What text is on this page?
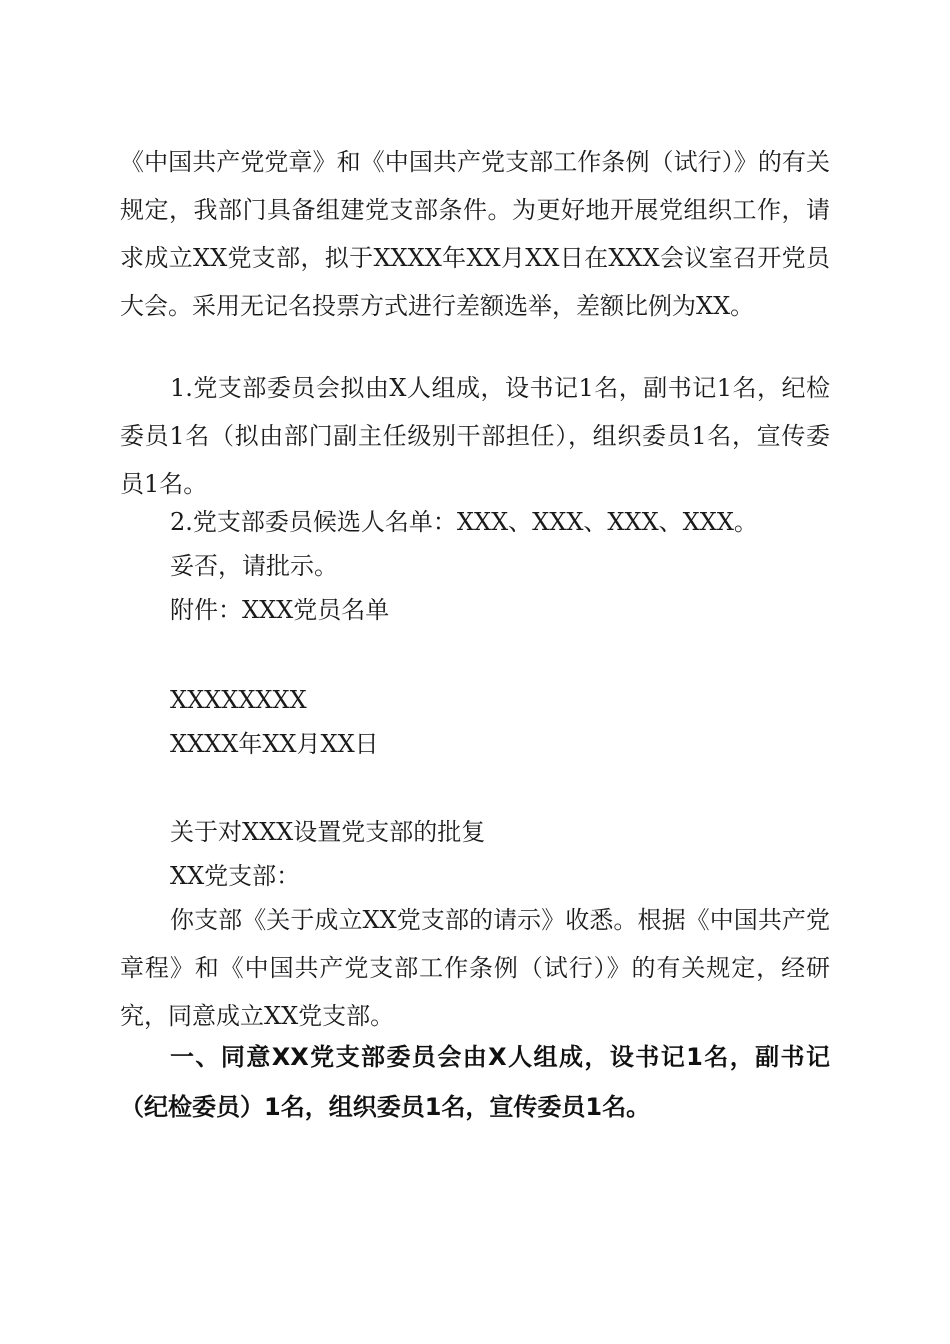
《中国共产党党章》和《中国共产党支部工作条例（试行）》的有关规定，我部门具备组建党支部条件。为更好地开展党组织工作，请求成立XX党支部，拟于XXXX年XX月XX日在XXX会议室召开党员大会。采用无记名投票方式进行差额选举，差额比例为XX。

1.党支部委员会拟由X人组成，设书记1名，副书记1名，纪检委员1名（拟由部门副主任级别干部担任），组织委员1名，宣传委员1名。

2.党支部委员候选人名单：XXX、XXX、XXX、XXX。

妥否，请批示。

附件：XXX党员名单

XXXXXXXX

XXXX年XX月XX日

关于对XXX设置党支部的批复

XX党支部：

你支部《关于成立XX党支部的请示》收悉。根据《中国共产党章程》和《中国共产党支部工作条例（试行）》的有关规定，经研究，同意成立XX党支部。

一、同意XX党支部委员会由X人组成，设书记1名，副书记（纪检委员）1名，组织委员1名，宣传委员1名。
